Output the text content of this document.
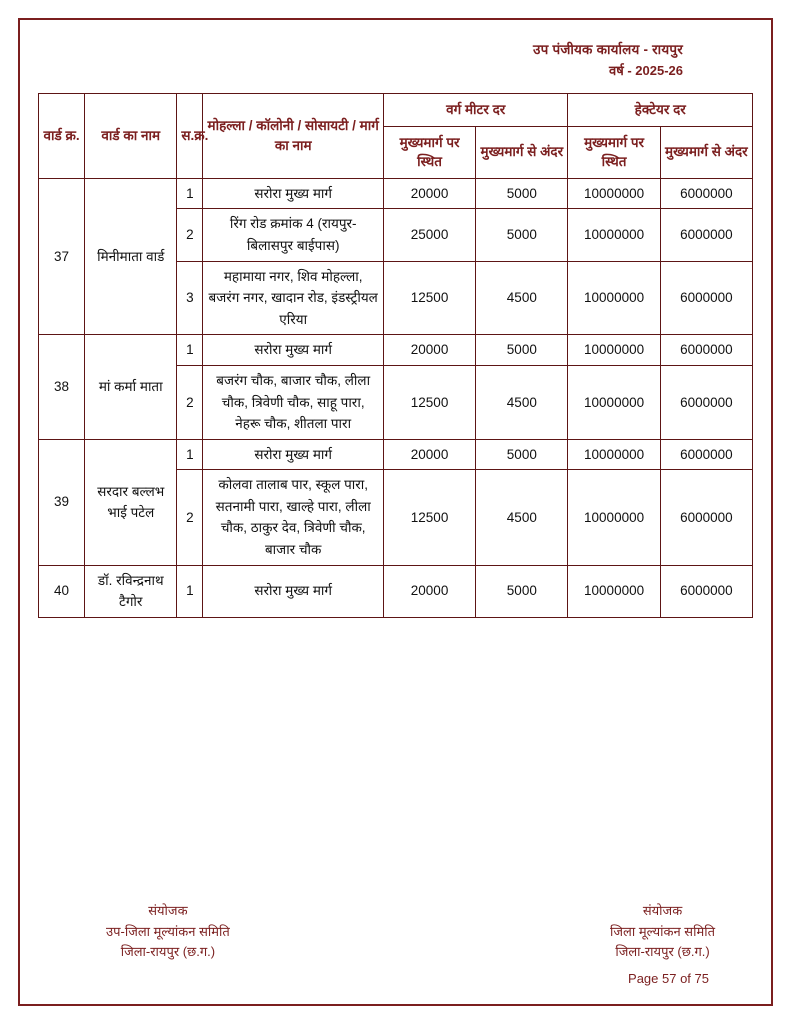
उप पंजीयक कार्यालय - रायपुर
वर्ष - 2025-26
वार्ड क्र.	वार्ड का नाम	स.क्र.	मोहल्ला / कॉलोनी / सोसायटी / मार्ग का नाम	वर्ग मीटर दर		हेक्टेयर दर	
				मुख्यमार्ग पर स्थित	मुख्यमार्ग से अंदर	मुख्यमार्ग पर स्थित	मुख्यमार्ग से अंदर
37	मिनीमाता वार्ड	1	सरोरा मुख्य मार्ग	20000	5000	10000000	6000000
		2	रिंग रोड क्रमांक 4 (रायपुर-बिलासपुर बाईपास)	25000	5000	10000000	6000000
		3	महामाया नगर, शिव मोहल्ला, बजरंग नगर, खादान रोड, इंडस्ट्रीयल एरिया	12500	4500	10000000	6000000
38	मां कर्मा माता	1	सरोरा मुख्य मार्ग	20000	5000	10000000	6000000
		2	बजरंग चौक, बाजार चौक, लीला चौक, त्रिवेणी चौक, साहू पारा, नेहरू चौक, शीतला पारा	12500	4500	10000000	6000000
39	सरदार बल्लभ भाई पटेल	1	सरोरा मुख्य मार्ग	20000	5000	10000000	6000000
		2	कोलवा तालाब पार, स्कूल पारा, सतनामी पारा, खाल्हे पारा, लीला चौक, ठाकुर देव, त्रिवेणी चौक, बाजार चौक	12500	4500	10000000	6000000
40	डॉ. रविन्द्रनाथ टैगोर	1	सरोरा मुख्य मार्ग	20000	5000	10000000	6000000
संयोजक
उप-जिला मूल्यांकन समिति
जिला-रायपुर (छ.ग.)
संयोजक
जिला मूल्यांकन समिति
जिला-रायपुर (छ.ग.)
Page 57 of 75
